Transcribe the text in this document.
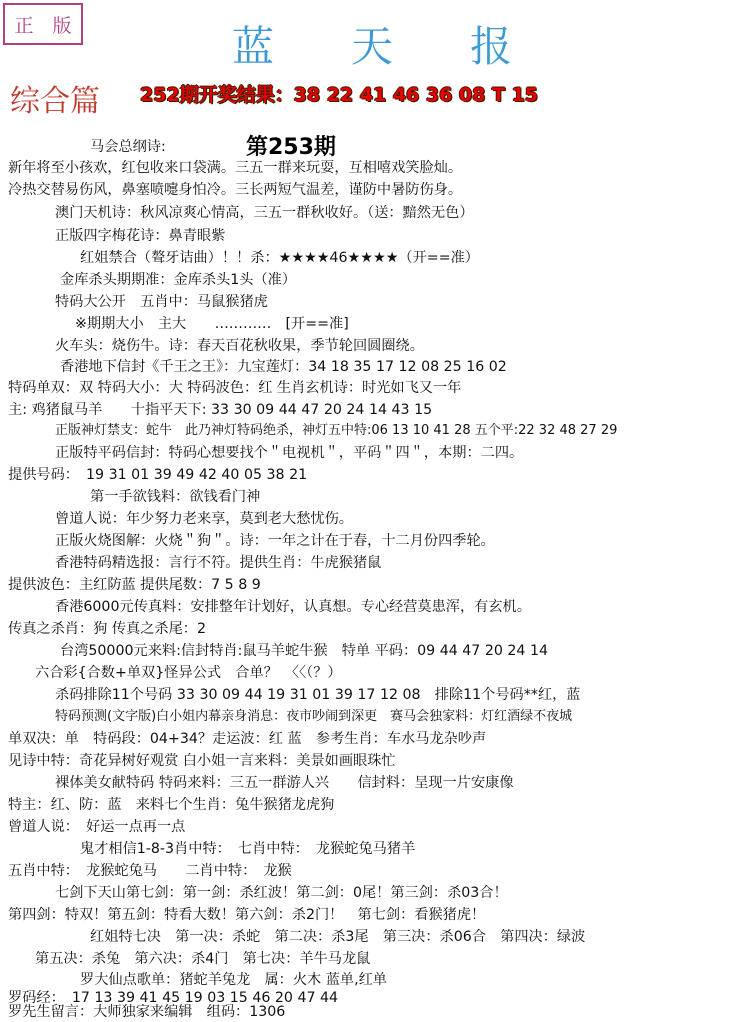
正 版	蓝 天 报
综合篇 252期开奖结果：38 22 41 46 36 08 T 15
第253期
马会总纲诗:
新年将至小孩欢，红包收来口袋满。三五一群来玩耍，互相嘻戏笑脸灿。
冷热交替易伤风，鼻塞喷嚏身怕冷。三长两短气温差，谨防中暑防伤身。
澳门天机诗：秋风凉爽心情高，三五一群秋收好。（送：黯然无色）
正版四字梅花诗：鼻青眼紫
红姐禁合（聱牙诘曲）！！杀：★★★★46★★★★（开==准）
金库杀头期期准：金库杀头1头（准）
特码大公开　五肖中：马鼠猴猪虎
※期期大小　主大　　…………　[开==准]
火车头：烧伤牛。诗：春天百花秋收果，季节轮回圆圈绕。
香港地下信封《千王之王》：九宝莲灯：34 18 35 17 12 08 25 16 02
特码单双：双 特码大小：大 特码波色：红 生肖玄机诗：时光如飞又一年
主: 鸡猪鼠马羊　　十指平天下: 33 30 09 44 47 20 24 14 43 15
正版神灯禁支：蛇牛　此乃神灯特码绝杀，神灯五中特:06 13 10 41 28 五个平:22 32 48 27 29
正版特平码信封：特码心想要找个＂电视机＂，平码＂四＂，本期：二四。
提供号码：　19 31 01 39 49 42 40 05 38 21
第一手欲钱料：欲钱看门神
曾道人说：年少努力老来享，莫到老大愁忧伤。
正版火烧图解：火烧＂狗＂。诗：一年之计在于春，十二月份四季轮。
香港特码精选报：言行不符。提供生肖：牛虎猴猪鼠
提供波色：主红防蓝 提供尾数：7 5 8 9
香港6000元传真料：安排整年计划好，认真想。专心经营莫患浑，有玄机。
传真之杀肖：狗 传真之杀尾：2
台湾50000元来料:信封特肖:鼠马羊蛇牛猴　特单 平码：09 44 47 20 24 14
六合彩{合数+单双}怪异公式　合单？　〈〈（？）
杀码排除11个号码 33 30 09 44 19 31 01 39 17 12 08　排除11个号码**红，蓝
特码预测(文字版)白小姐内幕亲身消息：夜市吵闹到深更　赛马会独家料：灯红酒绿不夜城
单双决：单　特码段：04+34？走运波：红 蓝　参考生肖：车水马龙杂吵声
见诗中特：奇花异树好观赏 白小姐一言来料：美景如画眼珠忙
裸体美女献特码 特码来料：三五一群游人兴　　信封料：呈现一片安康像
特主：红、防：蓝　来料七个生肖：兔牛猴猪龙虎狗
曾道人说：　好运一点再一点
鬼才相信1-8-3肖中特：　七肖中特：　龙猴蛇兔马猪羊
五肖中特：　龙猴蛇兔马　　二肖中特：　龙猴
七剑下天山第七剑：第一剑：杀红波！第二剑：0尾！第三剑：杀03合！
第四剑：特双！第五剑：特看大数！第六剑：杀2门！　第七剑：看猴猪虎！
红姐特七决　第一决：杀蛇　第二决：杀3尾　第三决：杀06合　第四决：绿波
第五决：杀兔　第六决：杀4门　第七决：羊牛马龙鼠
罗大仙点歌单：猪蛇羊兔龙　属：火木 蓝单,红单
罗码经：　17 13 39 41 45 19 03 15 46 20 47 44
罗先生留言：大师独家来编辑　组码：1306
